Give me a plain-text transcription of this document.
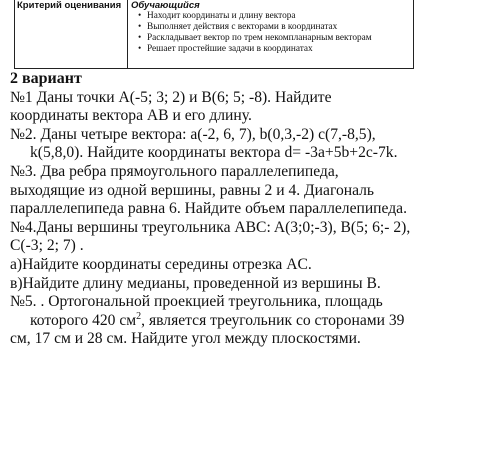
Критерий оценивания	Обучающийся
• Находит координаты и длину вектора
• Выполняет действия с векторами в координатах
• Раскладывает вектор по трем некомпланарным векторам
• Решает простейшие задачи в координатах

2 вариант

№1 Даны точки A(-5; 3; 2) и B(6; 5; -8). Найдите

координаты вектора AB и его длину.

№2. Даны четыре вектора: a(-2, 6, 7), b(0,3,-2) c(7,-8,5),

k(5,8,0). Найдите координаты вектора d= -3a+5b+2c-7k.

№3. Два ребра прямоугольного параллелепипеда,

выходящие из одной вершины, равны 2 и 4. Диагональ

параллелепипеда равна 6. Найдите объем параллелепипеда.

№4.Даны вершины треугольника ABC: A(3;0;-3), B(5; 6;- 2),

C(-3; 2; 7) .

а)Найдите координаты середины отрезка AC.

в)Найдите длину медианы, проведенной из вершины B.

№5. . Ортогональной проекцией треугольника, площадь

которого 420 $см^2$, является треугольник со сторонами 39

см, 17 см и 28 см. Найдите угол между плоскостями.
